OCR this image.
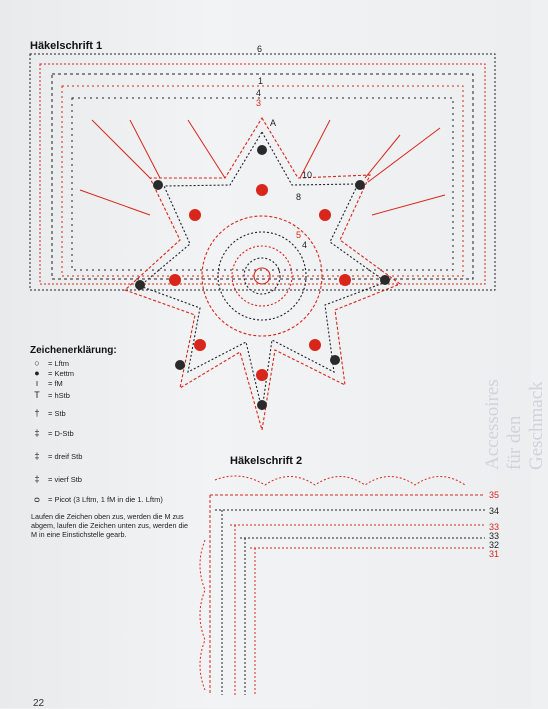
Accessoires für den Geschmack
Häkelschrift 1	6
1
4
3
A
10
8
5
4
Zeichenerklärung:
○	= Lftm
●	= Kettm
ı	= fM
T	= hStb
†	= Stb
‡	= D-Stb
‡	= dreif Stb
‡	= vierf Stb
ᴑ	= Picot (3 Lftm, 1 fM in die 1. Lftm)
Laufen die Zeichen oben zus, werden die M zus abgem, laufen die Zeichen unten zus, werden die M in eine Einstichstelle gearb.
Häkelschrift 2
35
34
33
33
32
31
22
